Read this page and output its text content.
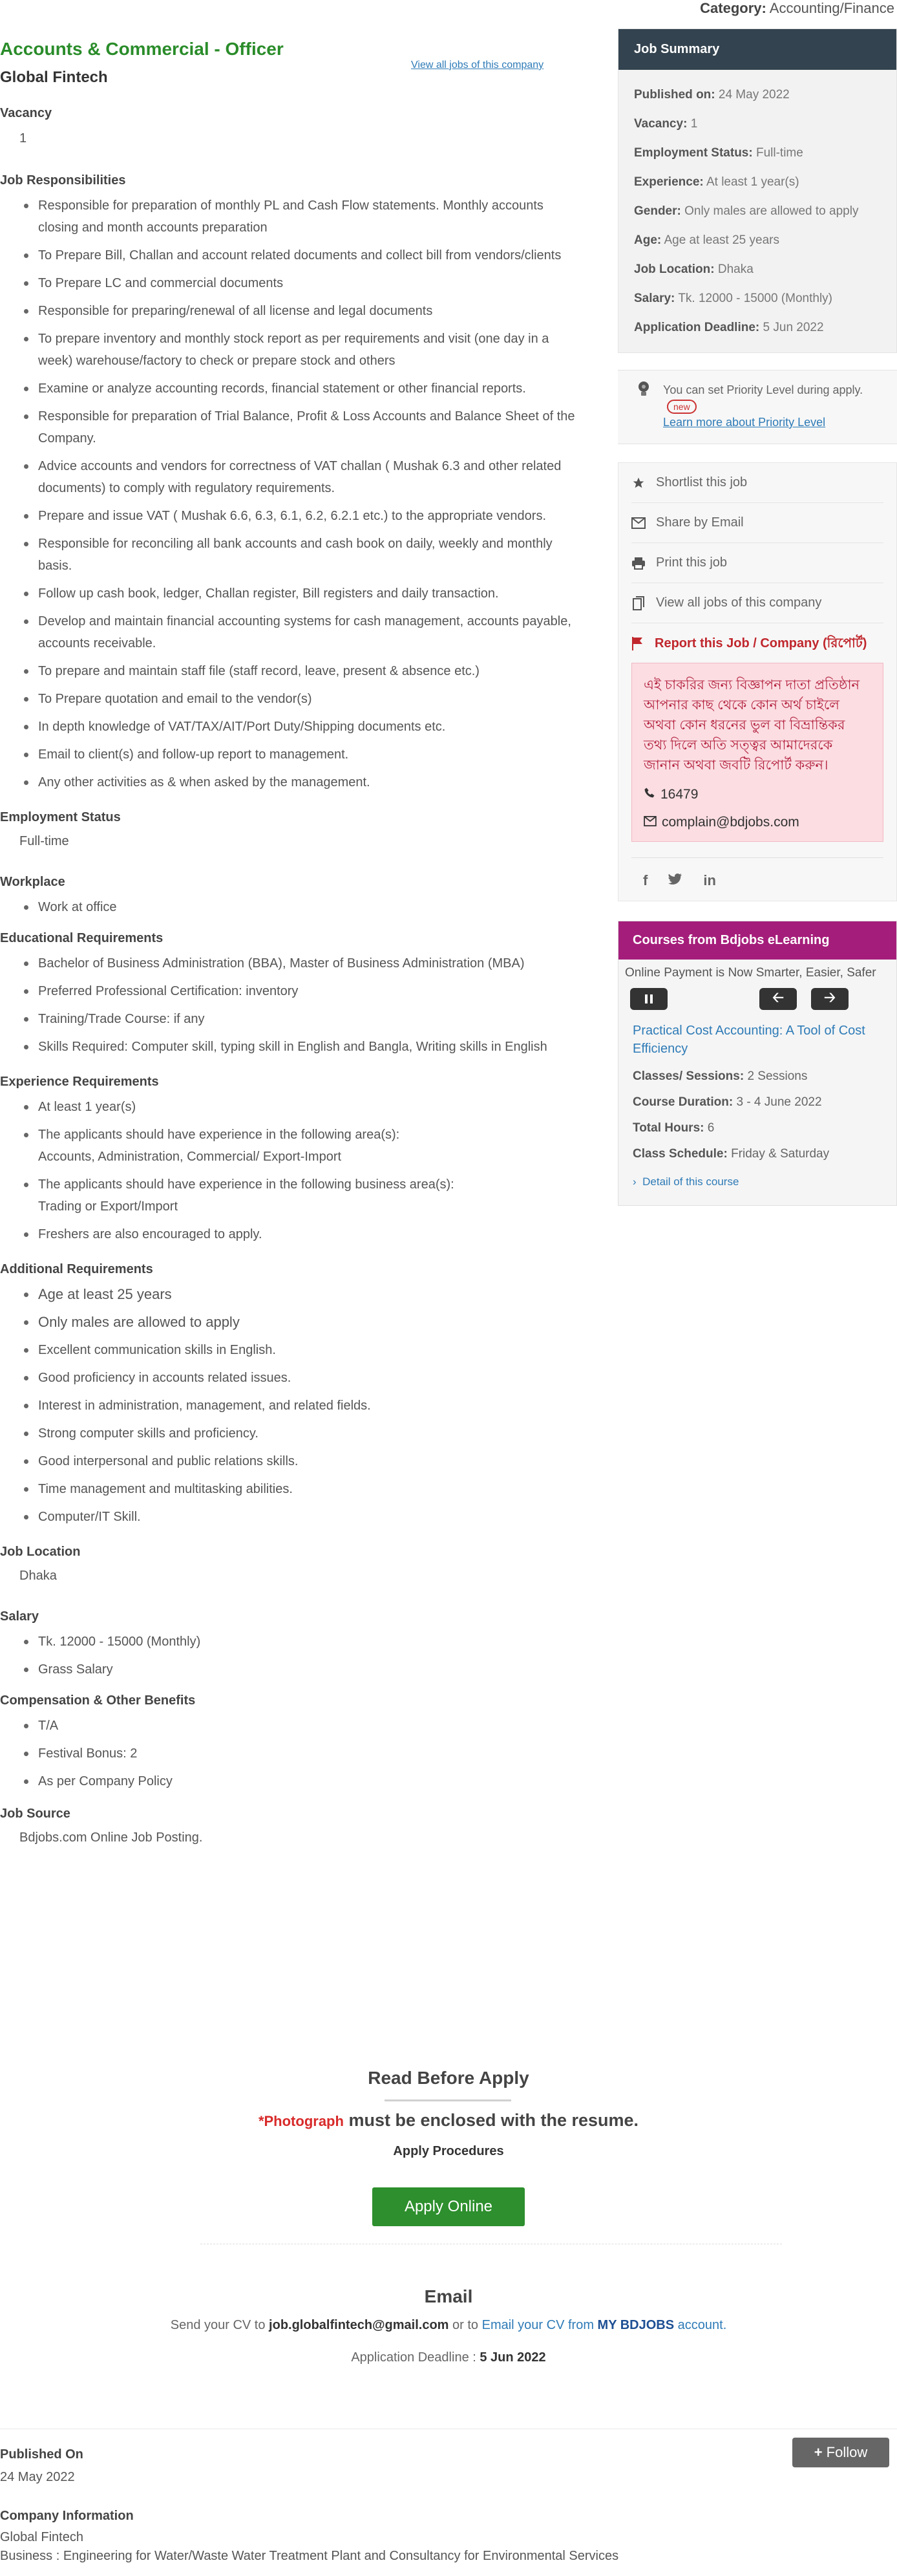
Category: Accounting/Finance
Accounts & Commercial - Officer
Global Fintech
Vacancy
1
Job Responsibilities
Responsible for preparation of monthly PL and Cash Flow statements. Monthly accounts closing and month accounts preparation
To Prepare Bill, Challan and account related documents and collect bill from vendors/clients
To Prepare LC and commercial documents
Responsible for preparing/renewal of all license and legal documents
To prepare inventory and monthly stock report as per requirements and visit (one day in a week) warehouse/factory to check or prepare stock and others
Examine or analyze accounting records, financial statement or other financial reports.
Responsible for preparation of Trial Balance, Profit & Loss Accounts and Balance Sheet of the Company.
Advice accounts and vendors for correctness of VAT challan ( Mushak 6.3 and other related documents) to comply with regulatory requirements.
Prepare and issue VAT ( Mushak 6.6, 6.3, 6.1, 6.2, 6.2.1 etc.) to the appropriate vendors.
Responsible for reconciling all bank accounts and cash book on daily, weekly and monthly basis.
Follow up cash book, ledger, Challan register, Bill registers and daily transaction.
Develop and maintain financial accounting systems for cash management, accounts payable, accounts receivable.
To prepare and maintain staff file (staff record, leave, present & absence etc.)
To Prepare quotation and email to the vendor(s)
In depth knowledge of VAT/TAX/AIT/Port Duty/Shipping documents etc.
Email to client(s) and follow-up report to management.
Any other activities as & when asked by the management.
Employment Status
Full-time
Workplace
Work at office
Educational Requirements
Bachelor of Business Administration (BBA), Master of Business Administration (MBA)
Preferred Professional Certification: inventory
Training/Trade Course: if any
Skills Required: Computer skill, typing skill in English and Bangla, Writing skills in English
Experience Requirements
At least 1 year(s)
The applicants should have experience in the following area(s):
Accounts, Administration, Commercial/ Export-Import
The applicants should have experience in the following business area(s):
Trading or Export/Import
Freshers are also encouraged to apply.
Additional Requirements
Age at least 25 years
Only males are allowed to apply
Excellent communication skills in English.
Good proficiency in accounts related issues.
Interest in administration, management, and related fields.
Strong computer skills and proficiency.
Good interpersonal and public relations skills.
Time management and multitasking abilities.
Computer/IT Skill.
Job Location
Dhaka
Salary
Tk. 12000 - 15000 (Monthly)
Grass Salary
Compensation & Other Benefits
T/A
Festival Bonus: 2
As per Company Policy
Job Source
Bdjobs.com Online Job Posting.
View all jobs of this company
Job Summary
Published on: 24 May 2022
Vacancy: 1
Employment Status: Full-time
Experience: At least 1 year(s)
Gender: Only males are allowed to apply
Age: Age at least 25 years
Job Location: Dhaka
Salary: Tk. 12000 - 15000 (Monthly)
Application Deadline: 5 Jun 2022
You can set Priority Level during apply. new
Learn more about Priority Level
Shortlist this job
Share by Email
Print this job
View all jobs of this company
Report this Job / Company (রিপোর্ট)
এই চাকরির জন্য বিজ্ঞাপন দাতা প্রতিষ্ঠান আপনার কাছ থেকে কোন অর্থ চাইলে অথবা কোন ধরনের ভুল বা বিভ্রান্তিকর তথ্য দিলে অতি সত্ত্বর আমাদেরকে জানান অথবা জবটি রিপোর্ট করুন।
16479
complain@bdjobs.com
f	in
Courses from Bdjobs eLearning
Online Payment is Now Smarter, Easier, Safer
🡠	🡢
Practical Cost Accounting: A Tool of Cost Efficiency
Classes/ Sessions: 2 Sessions
Course Duration: 3 - 4 June 2022
Total Hours: 6
Class Schedule: Friday & Saturday
› Detail of this course
Read Before Apply
*Photograph must be enclosed with the resume.
Apply Procedures
Apply Online
Email
Send your CV to job.globalfintech@gmail.com or to Email your CV from MY BDJOBS account.
Application Deadline : 5 Jun 2022
Published On
24 May 2022
+ Follow
Company Information
Global Fintech
Business : Engineering for Water/Waste Water Treatment Plant and Consultancy for Environmental Services
